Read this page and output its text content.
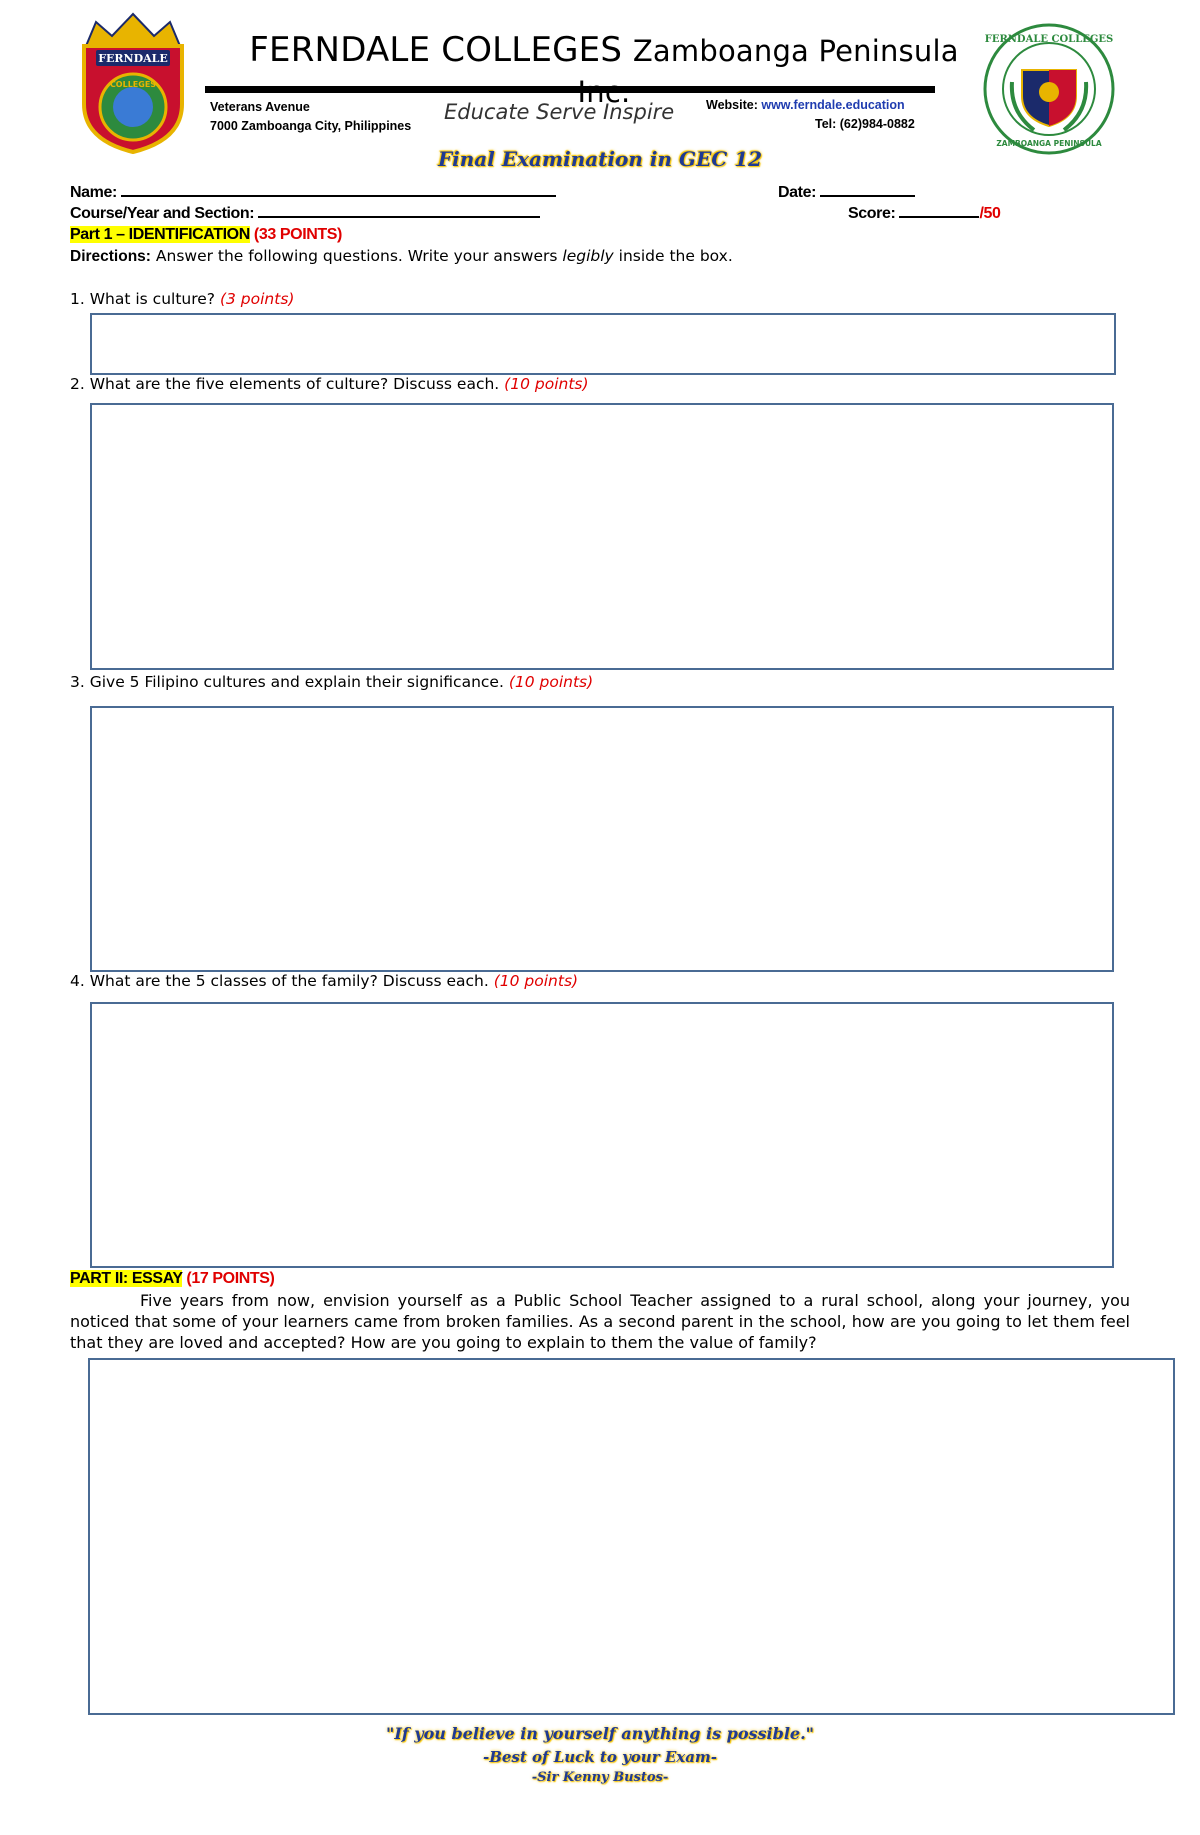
FERNDALE
COLLEGES
FERNDALE COLLEGES Zamboanga Peninsula
Veterans Avenue
7000 Zamboanga City, Philippines
Educate Serve Inspire	Website: www.ferndale.education
Tel: (62)984-0882
FERNDALE COLLEGES
ZAMBOANGA PENINSULA
Final Examination in GEC 12
Name:	Date:
Course/Year and Section:	Score:	/50
Part 1 – IDENTIFICATION (33 POINTS)
Directions: Answer the following questions. Write your answers legibly inside the box.
1. What is culture? (3 points)
2. What are the five elements of culture? Discuss each. (10 points)
3. Give 5 Filipino cultures and explain their significance. (10 points)
4. What are the 5 classes of the family? Discuss each. (10 points)
PART II: ESSAY (17 POINTS)
Five years from now, envision yourself as a Public School Teacher assigned to a rural school, along your journey, you noticed that some of your learners came from broken families. As a second parent in the school, how are you going to let them feel that they are loved and accepted? How are you going to explain to them the value of family?
"If you believe in yourself anything is possible."
-Best of Luck to your Exam-
-Sir Kenny Bustos-
